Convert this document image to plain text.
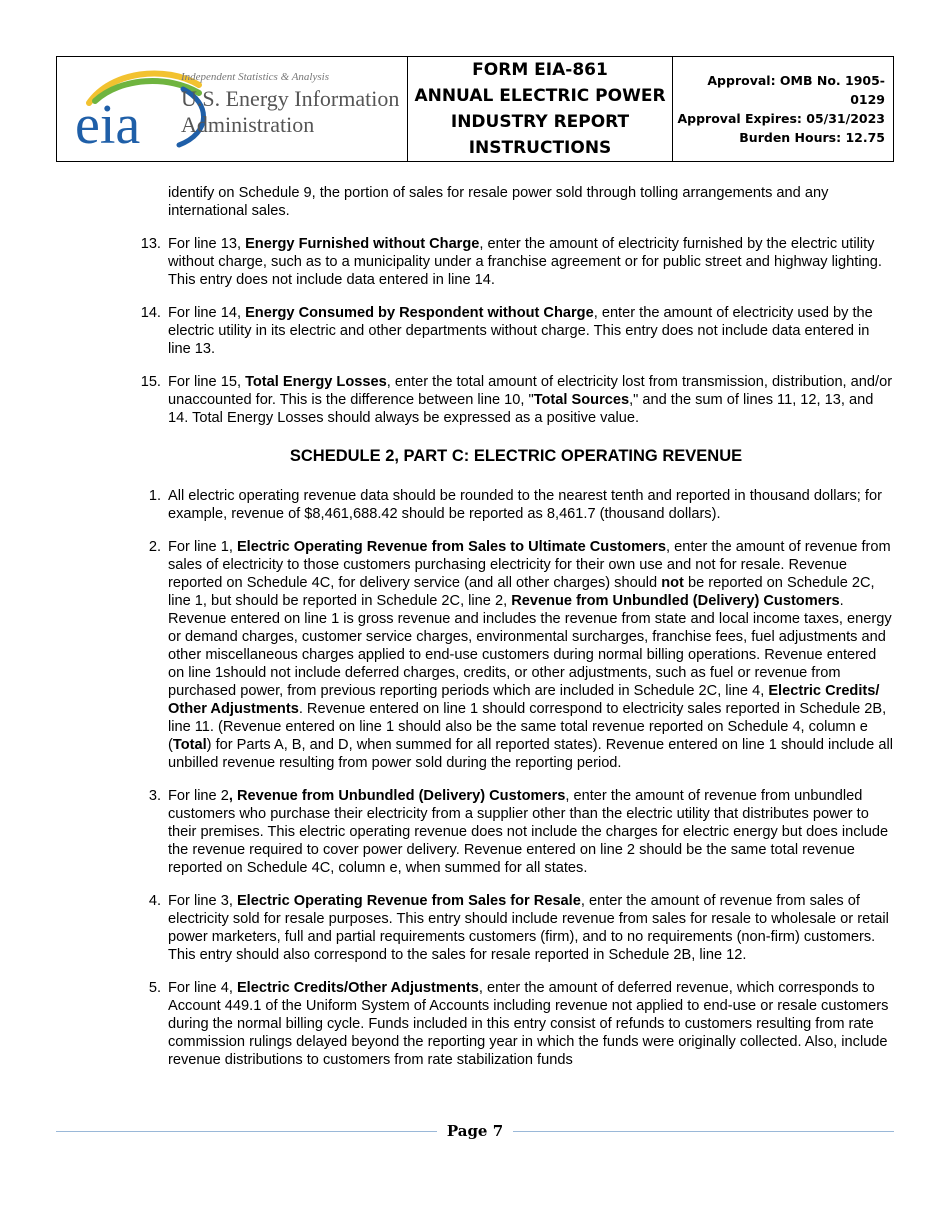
eia
Independent Statistics & Analysis
U.S. Energy Information
Administration
FORM EIA-861
ANNUAL ELECTRIC POWER
INDUSTRY REPORT
INSTRUCTIONS
Approval: OMB No. 1905-0129
Approval Expires: 05/31/2023
Burden Hours: 12.75

identify on Schedule 9, the portion of sales for resale power sold through tolling arrangements and any international sales.

13. For line 13, Energy Furnished without Charge, enter the amount of electricity furnished by the electric utility without charge, such as to a municipality under a franchise agreement or for public street and highway lighting. This entry does not include data entered in line 14.

14. For line 14, Energy Consumed by Respondent without Charge, enter the amount of electricity used by the electric utility in its electric and other departments without charge. This entry does not include data entered in line 13.

15. For line 15, Total Energy Losses, enter the total amount of electricity lost from transmission, distribution, and/or unaccounted for. This is the difference between line 10, "Total Sources," and the sum of lines 11, 12, 13, and 14. Total Energy Losses should always be expressed as a positive value.

SCHEDULE 2, PART C: ELECTRIC OPERATING REVENUE

1. All electric operating revenue data should be rounded to the nearest tenth and reported in thousand dollars; for example, revenue of $8,461,688.42 should be reported as 8,461.7 (thousand dollars).

2. For line 1, Electric Operating Revenue from Sales to Ultimate Customers, enter the amount of revenue from sales of electricity to those customers purchasing electricity for their own use and not for resale. Revenue reported on Schedule 4C, for delivery service (and all other charges) should not be reported on Schedule 2C, line 1, but should be reported in Schedule 2C, line 2, Revenue from Unbundled (Delivery) Customers. Revenue entered on line 1 is gross revenue and includes the revenue from state and local income taxes, energy or demand charges, customer service charges, environmental surcharges, franchise fees, fuel adjustments and other miscellaneous charges applied to end-use customers during normal billing operations. Revenue entered on line 1should not include deferred charges, credits, or other adjustments, such as fuel or revenue from purchased power, from previous reporting periods which are included in Schedule 2C, line 4, Electric Credits/ Other Adjustments. Revenue entered on line 1 should correspond to electricity sales reported in Schedule 2B, line 11. (Revenue entered on line 1 should also be the same total revenue reported on Schedule 4, column e (Total) for Parts A, B, and D, when summed for all reported states). Revenue entered on line 1 should include all unbilled revenue resulting from power sold during the reporting period.

3. For line 2, Revenue from Unbundled (Delivery) Customers, enter the amount of revenue from unbundled customers who purchase their electricity from a supplier other than the electric utility that distributes power to their premises. This electric operating revenue does not include the charges for electric energy but does include the revenue required to cover power delivery. Revenue entered on line 2 should be the same total revenue reported on Schedule 4C, column e, when summed for all states.

4. For line 3, Electric Operating Revenue from Sales for Resale, enter the amount of revenue from sales of electricity sold for resale purposes. This entry should include revenue from sales for resale to wholesale or retail power marketers, full and partial requirements customers (firm), and to no requirements (non-firm) customers. This entry should also correspond to the sales for resale reported in Schedule 2B, line 12.

5. For line 4, Electric Credits/Other Adjustments, enter the amount of deferred revenue, which corresponds to Account 449.1 of the Uniform System of Accounts including revenue not applied to end-use or resale customers during the normal billing cycle. Funds included in this entry consist of refunds to customers resulting from rate commission rulings delayed beyond the reporting year in which the funds were originally collected. Also, include revenue distributions to customers from rate stabilization funds

Page 7
